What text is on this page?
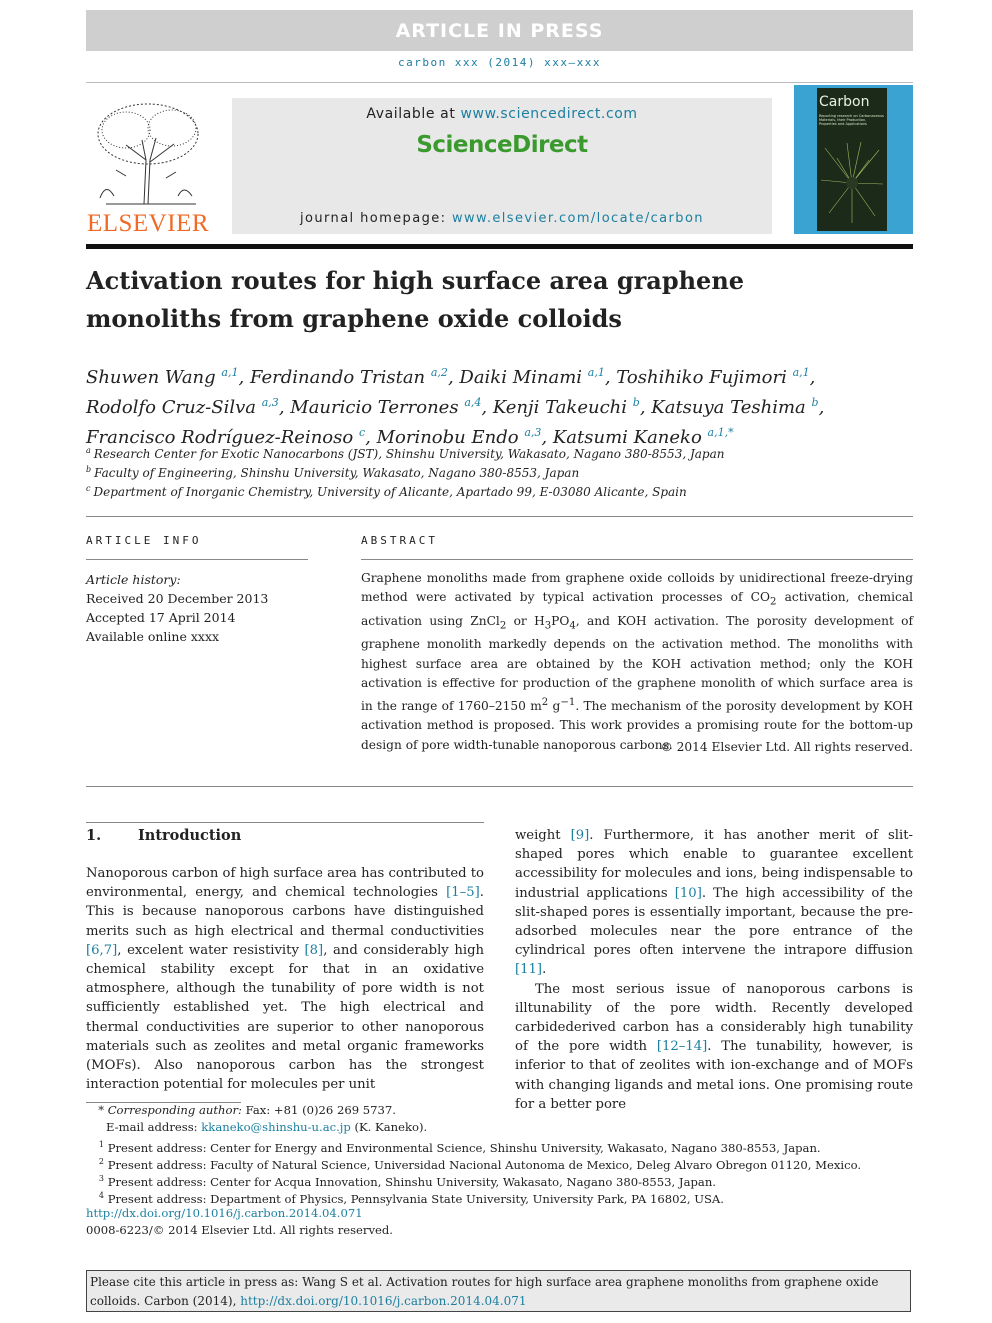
ARTICLE IN PRESS
carbon xxx (2014) xxx–xxx
ELSEVIER
Available at www.sciencedirect.com
ScienceDirect
journal homepage: www.elsevier.com/locate/carbon
Carbon
Reporting research on Carbonaceous Materials, their Production, Properties and Applications
Activation routes for high surface area graphene
monoliths from graphene oxide colloids
Shuwen Wang $^{a,1}$, Ferdinando Tristan $^{a,2}$, Daiki Minami $^{a,1}$, Toshihiko Fujimori $^{a,1}$,
Rodolfo Cruz-Silva $^{a,3}$, Mauricio Terrones $^{a,4}$, Kenji Takeuchi $^b$, Katsuya Teshima $^b$,
Francisco Rodríguez-Reinoso $^c$, Morinobu Endo $^{a,3}$, Katsumi Kaneko $^{a,1,*}$
$^a$ Research Center for Exotic Nanocarbons (JST), Shinshu University, Wakasato, Nagano 380-8553, Japan
$^b$ Faculty of Engineering, Shinshu University, Wakasato, Nagano 380-8553, Japan
$^c$ Department of Inorganic Chemistry, University of Alicante, Apartado 99, E-03080 Alicante, Spain
ARTICLE INFO	ABSTRACT
Article history:
Received 20 December 2013
Accepted 17 April 2014
Available online xxxx
Graphene monoliths made from graphene oxide colloids by unidirectional freeze-drying method were activated by typical activation processes of $CO_2$ activation, chemical activation using ZnCl$_2$ or $H_3PO_4$, and KOH activation. The porosity development of graphene monolith markedly depends on the activation method. The monoliths with highest surface area are obtained by the KOH activation method; only the KOH activation is effective for production of the graphene monolith of which surface area is in the range of 1760–2150 $m^2$ $g^{-1}$. The mechanism of the porosity development by KOH activation method is proposed. This work provides a promising route for the bottom-up design of pore width-tunable nanoporous carbons.
© 2014 Elsevier Ltd. All rights reserved.
1.	Introduction

Nanoporous carbon of high surface area has contributed to environmental, energy, and chemical technologies [1–5]. This is because nanoporous carbons have distinguished merits such as high electrical and thermal conductivities [6,7], excelent water resistivity [8], and considerably high chemical stability except for that in an oxidative atmosphere, although the tunability of pore width is not sufficiently established yet. The high electrical and thermal conductivities are superior to other nanoporous materials such as zeolites and metal organic frameworks (MOFs). Also nanoporous carbon has the strongest interaction potential for molecules per unit

weight [9]. Furthermore, it has another merit of slit-shaped pores which enable to guarantee excellent accessibility for molecules and ions, being indispensable to industrial applications [10]. The high accessibility of the slit-shaped pores is essentially important, because the pre-adsorbed molecules near the pore entrance of the cylindrical pores often intervene the intrapore diffusion [11].

The most serious issue of nanoporous carbons is illtunability of the pore width. Recently developed carbidederived carbon has a considerably high tunability of the pore width [12–14]. The tunability, however, is inferior to that of zeolites with ion-exchange and of MOFs with changing ligands and metal ions. One promising route for a better pore

* Corresponding author: Fax: +81 (0)26 269 5737.
E-mail address: kkaneko@shinshu-u.ac.jp (K. Kaneko).
$^1$ Present address: Center for Energy and Environmental Science, Shinshu University, Wakasato, Nagano 380-8553, Japan.
$^2$ Present address: Faculty of Natural Science, Universidad Nacional Autonoma de Mexico, Deleg Alvaro Obregon 01120, Mexico.
$^3$ Present address: Center for Acqua Innovation, Shinshu University, Wakasato, Nagano 380-8553, Japan.
$^4$ Present address: Department of Physics, Pennsylvania State University, University Park, PA 16802, USA.
http://dx.doi.org/10.1016/j.carbon.2014.04.071
0008-6223/© 2014 Elsevier Ltd. All rights reserved.
Please cite this article in press as: Wang S et al. Activation routes for high surface area graphene monoliths from graphene oxide colloids. Carbon (2014), http://dx.doi.org/10.1016/j.carbon.2014.04.071
